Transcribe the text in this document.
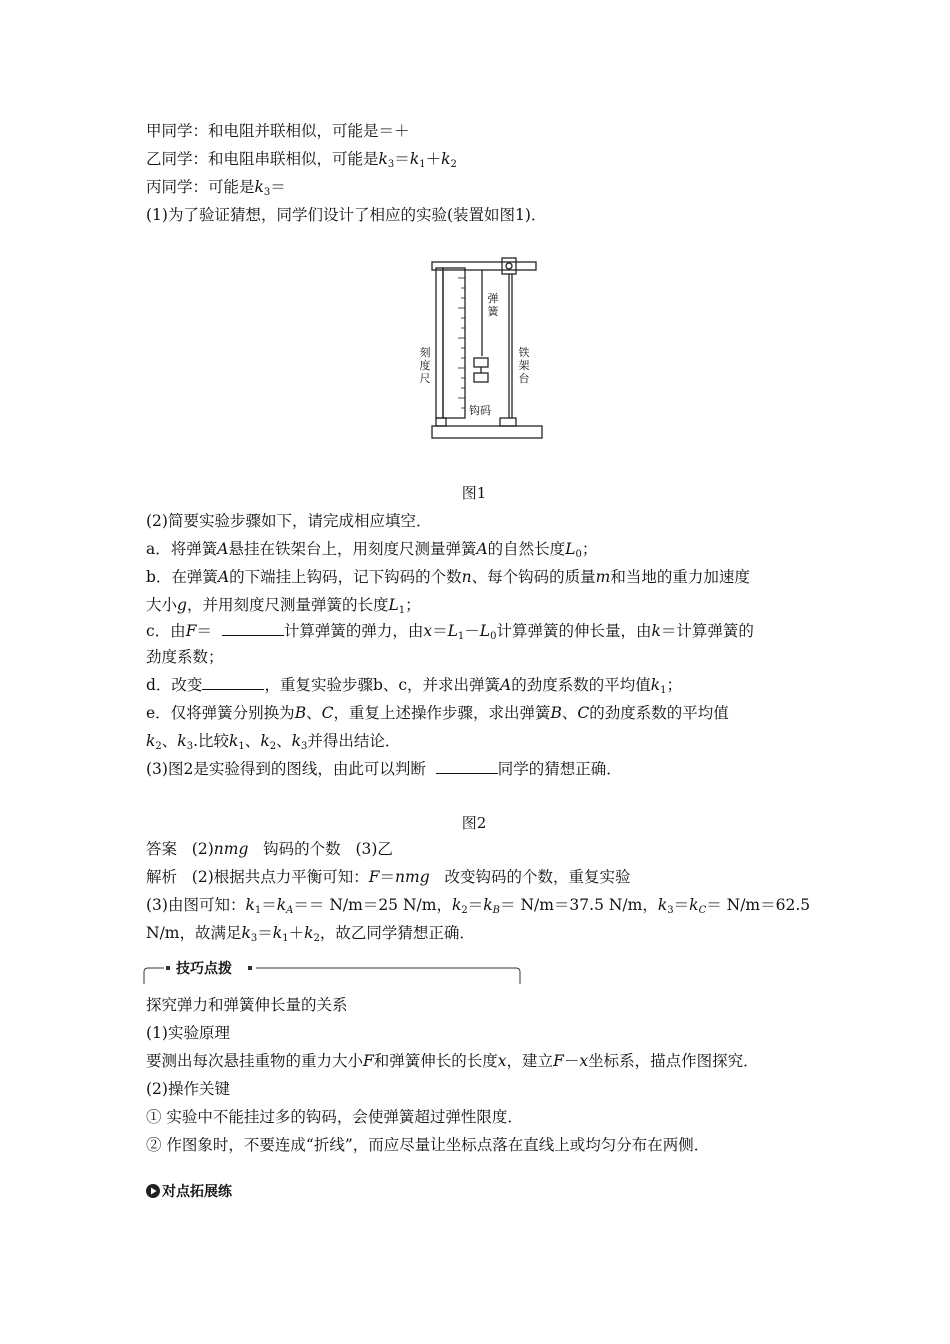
甲同学：和电阻并联相似，可能是＝＋
乙同学：和电阻串联相似，可能是$k_3=k_1+k_2$
丙同学：可能是$k_3=$
(1)为了验证猜想，同学们设计了相应的实验(装置如图1)．
弹簧
刻度尺
铁架台
钩码
图1
(2)简要实验步骤如下，请完成相应填空．
a．将弹簧A悬挂在铁架台上，用刻度尺测量弹簧A的自然长度$L_0$；
b．在弹簧A的下端挂上钩码，记下钩码的个数n、每个钩码的质量m和当地的重力加速度
大小g，并用刻度尺测量弹簧的长度$L_1$；
c．由F＝	计算弹簧的弹力，由$x=L_1-L_0$计算弹簧的伸长量，由k＝计算弹簧的
劲度系数；
d．改变	，重复实验步骤b、c，并求出弹簧A的劲度系数的平均值$k_1$；
e．仅将弹簧分别换为B、C，重复上述操作步骤，求出弹簧B、C的劲度系数的平均值
$k_2$、$k_3$.比较$k_1$、$k_2$、$k_3$并得出结论．
(3)图2是实验得到的图线，由此可以判断	同学的猜想正确．
图2
答案 (2)nmg 钩码的个数 (3)乙
解析 (2)根据共点力平衡可知：F＝nmg 改变钩码的个数，重复实验
(3)由图可知：$k_1=k_A== N/m=25$ N/m，$k_2=k_B= N/m=37.5$ N/m，$k_3=k_C= N/m=62.5$
N/m，故满足$k_3=k_1+k_2$，故乙同学猜想正确．
技巧点拨
探究弹力和弹簧伸长量的关系
(1)实验原理
要测出每次悬挂重物的重力大小F和弹簧伸长的长度x，建立F－x坐标系，描点作图探究．
(2)操作关键
① 实验中不能挂过多的钩码，会使弹簧超过弹性限度．
② 作图象时，不要连成“折线”，而应尽量让坐标点落在直线上或均匀分布在两侧．
对点拓展练
